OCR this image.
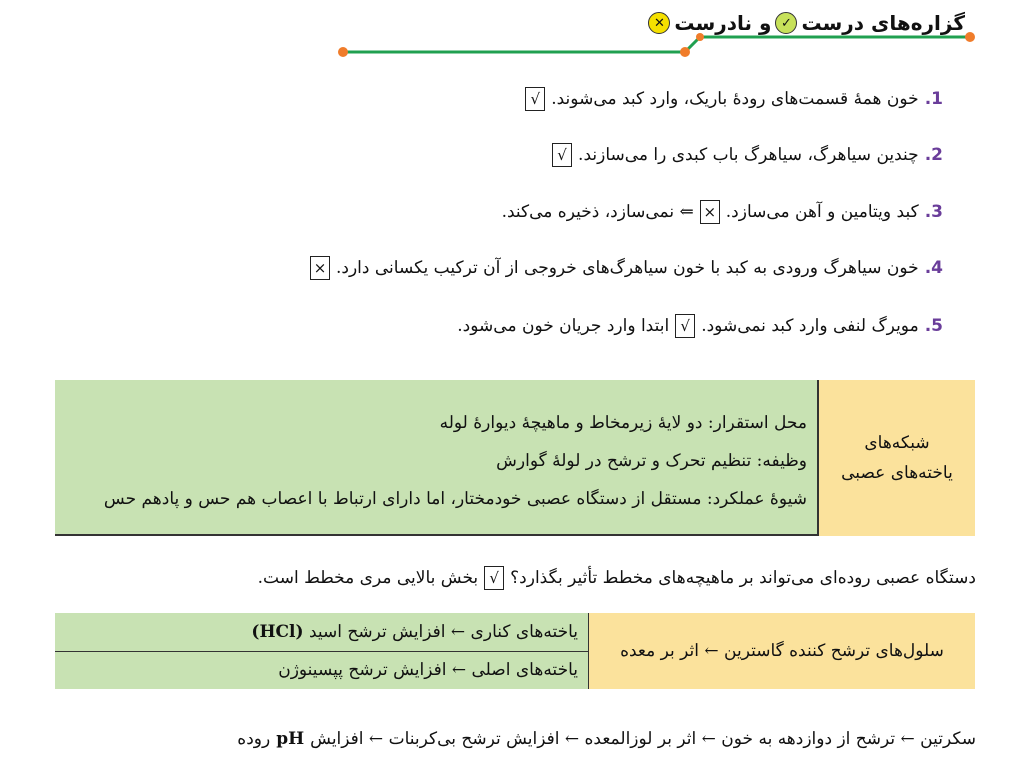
گزاره‌های درست
✓
و نادرست
✕
1.
خون همهٔ قسمت‌های رودهٔ باریک، وارد کبد می‌شوند.
√
2.
چندین سیاهرگ، سیاهرگ باب کبدی را می‌سازند.
√
3.
کبد ویتامین و آهن می‌سازد.
×
⇐ نمی‌سازد، ذخیره می‌کند.
4.
خون سیاهرگ ورودی به کبد با خون سیاهرگ‌های خروجی از آن ترکیب یکسانی دارد.
×
5.
مویرگ لنفی وارد کبد نمی‌شود.
√
ابتدا وارد جریان خون می‌شود.
شبکه‌های
یاخته‌های عصبی
محل استقرار: دو لایهٔ زیرمخاط و ماهیچهٔ دیوارهٔ لوله
وظیفه: تنظیم تحرک و ترشح در لولهٔ گوارش
شیوهٔ عملکرد: مستقل از دستگاه عصبی خودمختار، اما دارای ارتباط با اعصاب هم حس و پادهم حس
دستگاه عصبی روده‌ای می‌تواند بر ماهیچه‌های مخطط تأثیر بگذارد؟
√
بخش بالایی مری مخطط است.
سلول‌های ترشح کننده گاسترین ← اثر بر معده
یاخته‌های کناری ← افزایش ترشح اسید

(HCl)
یاخته‌های اصلی ← افزایش ترشح پپسینوژن
سکرتین ← ترشح از دوازدهه به خون ← اثر بر لوزالمعده ← افزایش ترشح بی‌کربنات ← افزایش
pH
روده
